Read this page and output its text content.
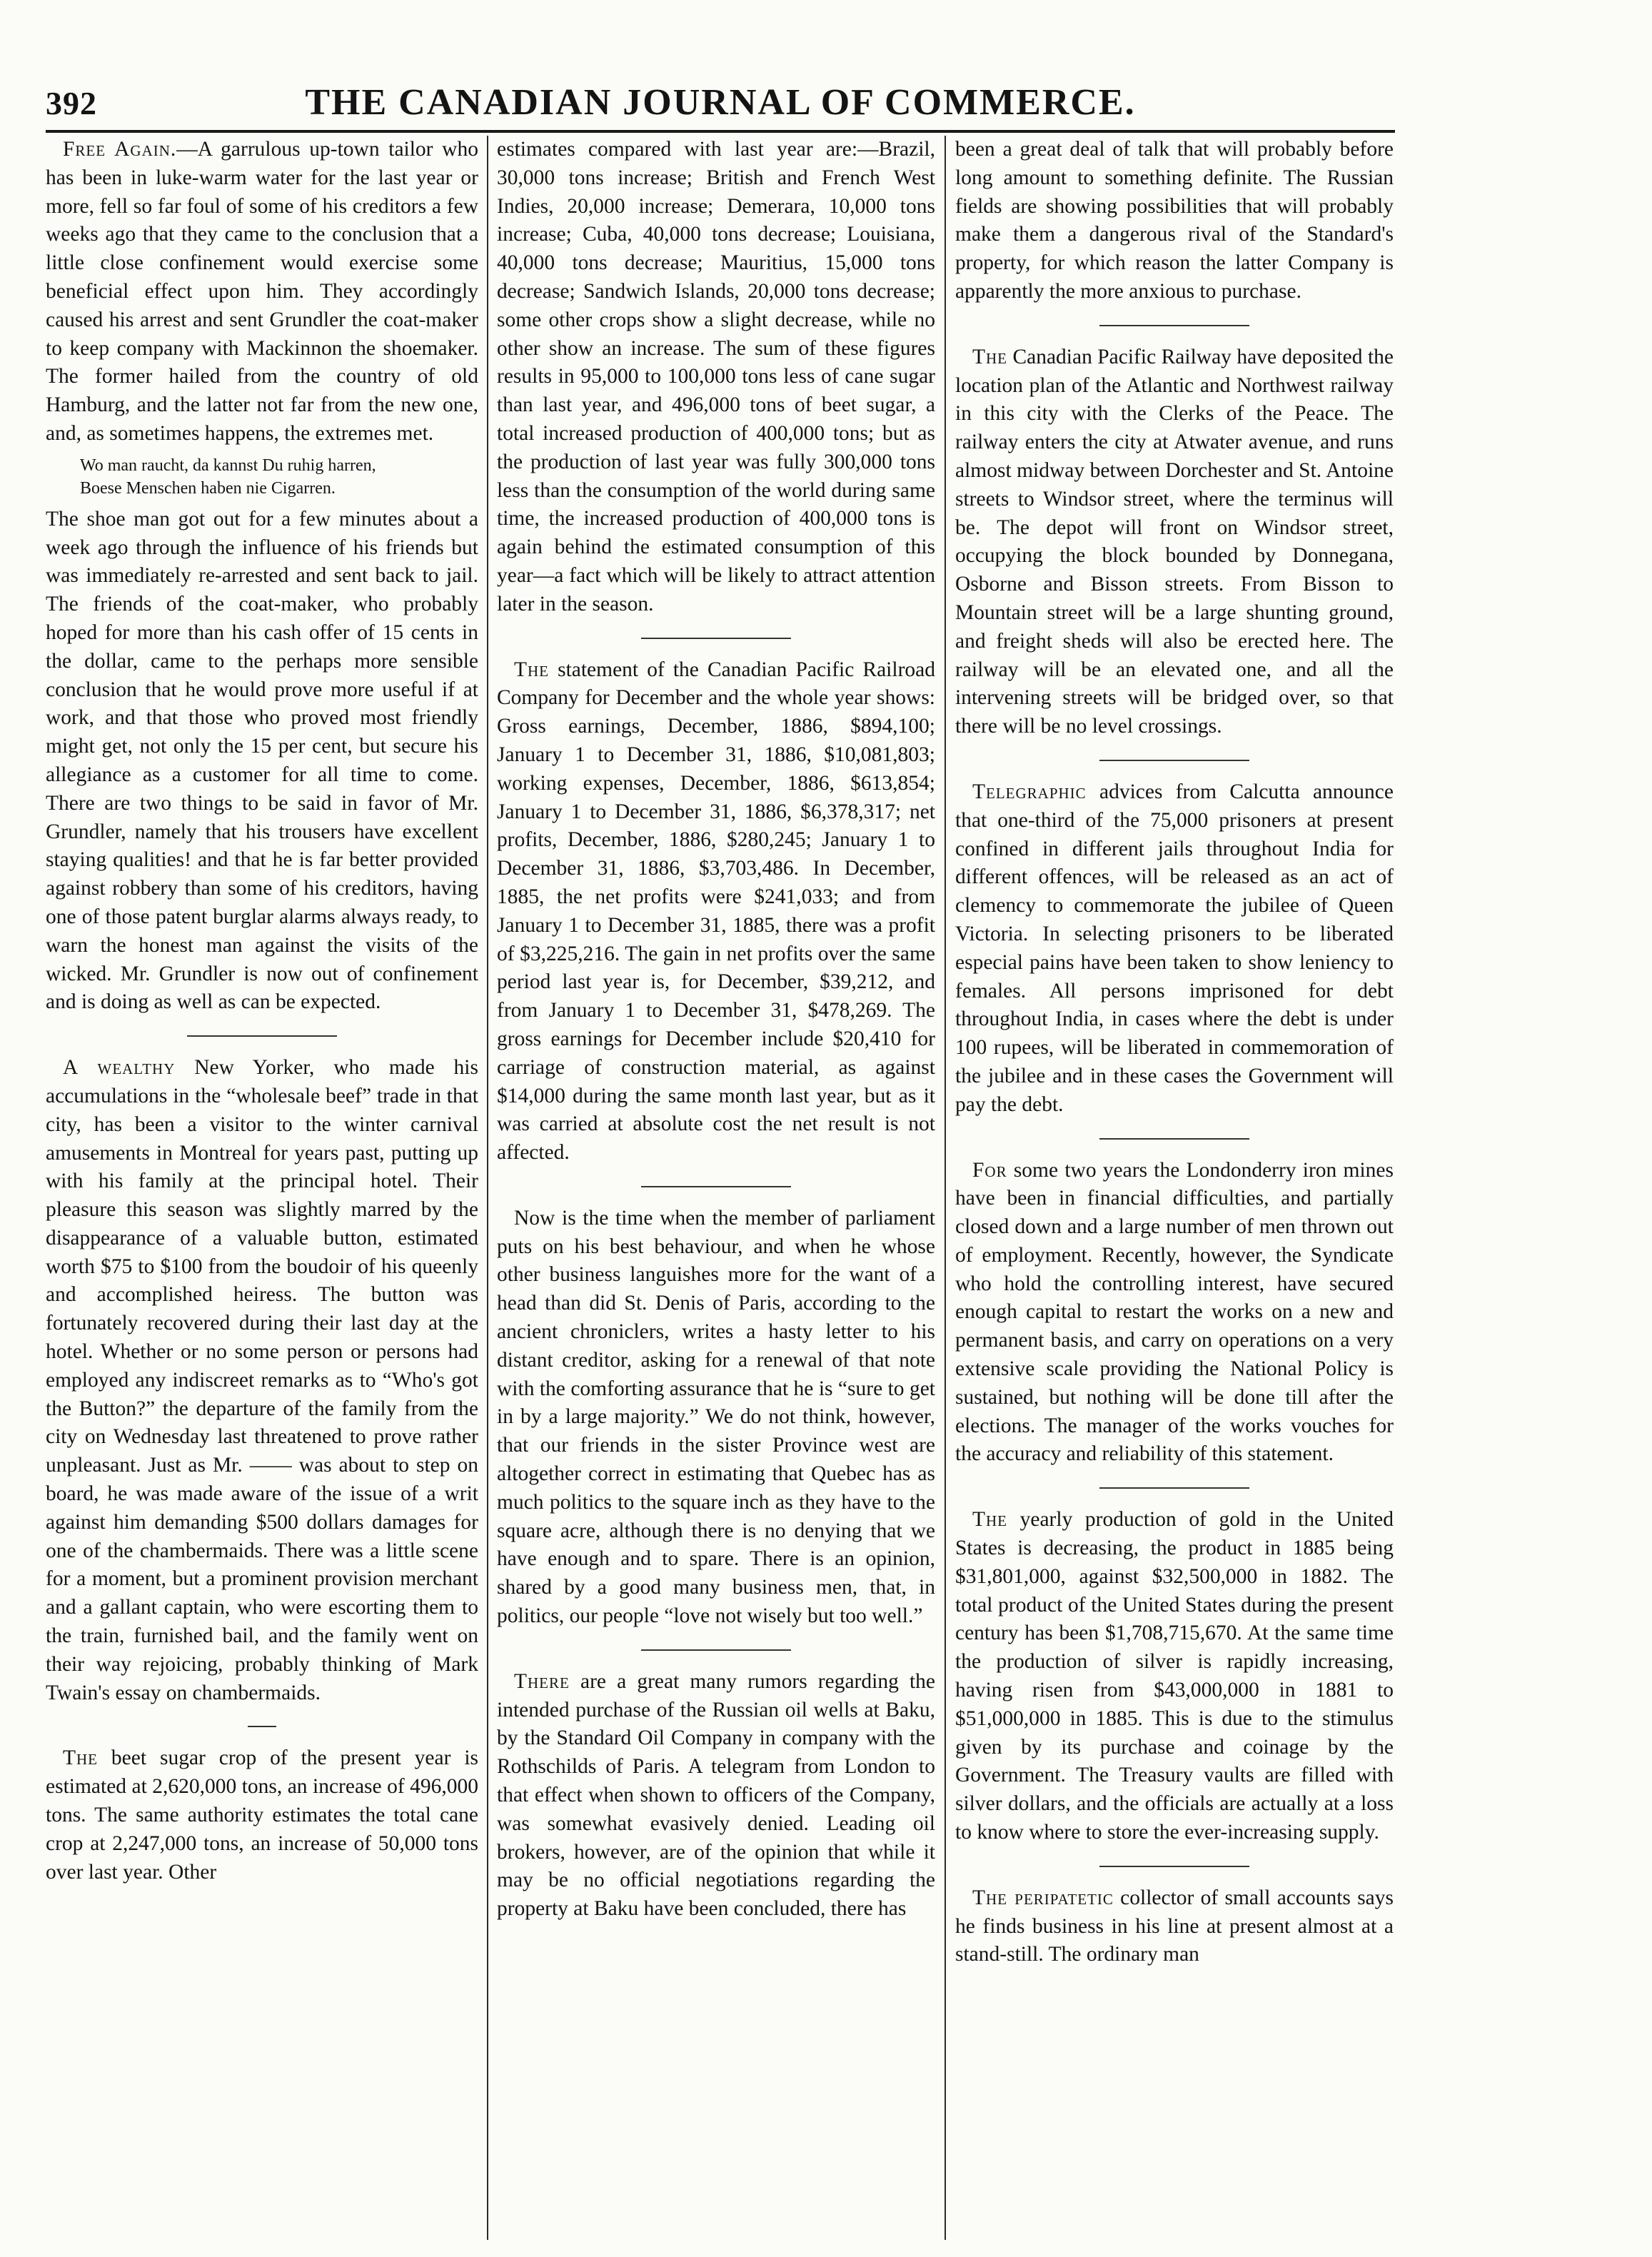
392	THE CANADIAN JOURNAL OF COMMERCE.

Free Again.—A garrulous up-town tailor who has been in luke-warm water for the last year or more, fell so far foul of some of his creditors a few weeks ago that they came to the conclusion that a little close confinement would exercise some beneficial effect upon him. They accordingly caused his arrest and sent Grundler the coat-maker to keep company with Mackinnon the shoemaker. The former hailed from the country of old Hamburg, and the latter not far from the new one, and, as sometimes happens, the extremes met.

Wo man raucht, da kannst Du ruhig harren,
Boese Menschen haben nie Cigarren.

The shoe man got out for a few minutes about a week ago through the influence of his friends but was immediately re-arrested and sent back to jail. The friends of the coat-maker, who probably hoped for more than his cash offer of 15 cents in the dollar, came to the perhaps more sensible conclusion that he would prove more useful if at work, and that those who proved most friendly might get, not only the 15 per cent, but secure his allegiance as a customer for all time to come. There are two things to be said in favor of Mr. Grundler, namely that his trousers have excellent staying qualities! and that he is far better provided against robbery than some of his creditors, having one of those patent burglar alarms always ready, to warn the honest man against the visits of the wicked. Mr. Grundler is now out of confinement and is doing as well as can be expected.

A wealthy New Yorker, who made his accumulations in the “wholesale beef” trade in that city, has been a visitor to the winter carnival amusements in Montreal for years past, putting up with his family at the principal hotel. Their pleasure this season was slightly marred by the disappearance of a valuable button, estimated worth $75 to $100 from the boudoir of his queenly and accomplished heiress. The button was fortunately recovered during their last day at the hotel. Whether or no some person or persons had employed any indiscreet remarks as to “Who's got the Button?” the departure of the family from the city on Wednesday last threatened to prove rather unpleasant. Just as Mr. —— was about to step on board, he was made aware of the issue of a writ against him demanding $500 dollars damages for one of the chambermaids. There was a little scene for a moment, but a prominent provision merchant and a gallant captain, who were escorting them to the train, furnished bail, and the family went on their way rejoicing, probably thinking of Mark Twain's essay on chambermaids.

The beet sugar crop of the present year is estimated at 2,620,000 tons, an increase of 496,000 tons. The same authority estimates the total cane crop at 2,247,000 tons, an increase of 50,000 tons over last year. Other

estimates compared with last year are:—Brazil, 30,000 tons increase; British and French West Indies, 20,000 increase; Demerara, 10,000 tons increase; Cuba, 40,000 tons decrease; Louisiana, 40,000 tons decrease; Mauritius, 15,000 tons decrease; Sandwich Islands, 20,000 tons decrease; some other crops show a slight decrease, while no other show an increase. The sum of these figures results in 95,000 to 100,000 tons less of cane sugar than last year, and 496,000 tons of beet sugar, a total increased production of 400,000 tons; but as the production of last year was fully 300,000 tons less than the consumption of the world during same time, the increased production of 400,000 tons is again behind the estimated consumption of this year—a fact which will be likely to attract attention later in the season.

The statement of the Canadian Pacific Railroad Company for December and the whole year shows: Gross earnings, December, 1886, $894,100; January 1 to December 31, 1886, $10,081,803; working expenses, December, 1886, $613,854; January 1 to December 31, 1886, $6,378,317; net profits, December, 1886, $280,245; January 1 to December 31, 1886, $3,703,486. In December, 1885, the net profits were $241,033; and from January 1 to December 31, 1885, there was a profit of $3,225,216. The gain in net profits over the same period last year is, for December, $39,212, and from January 1 to December 31, $478,269. The gross earnings for December include $20,410 for carriage of construction material, as against $14,000 during the same month last year, but as it was carried at absolute cost the net result is not affected.

Now is the time when the member of parliament puts on his best behaviour, and when he whose other business languishes more for the want of a head than did St. Denis of Paris, according to the ancient chroniclers, writes a hasty letter to his distant creditor, asking for a renewal of that note with the comforting assurance that he is “sure to get in by a large majority.” We do not think, however, that our friends in the sister Province west are altogether correct in estimating that Quebec has as much politics to the square inch as they have to the square acre, although there is no denying that we have enough and to spare. There is an opinion, shared by a good many business men, that, in politics, our people “love not wisely but too well.”

There are a great many rumors regarding the intended purchase of the Russian oil wells at Baku, by the Standard Oil Company in company with the Rothschilds of Paris. A telegram from London to that effect when shown to officers of the Company, was somewhat evasively denied. Leading oil brokers, however, are of the opinion that while it may be no official negotiations regarding the property at Baku have been concluded, there has

been a great deal of talk that will probably before long amount to something definite. The Russian fields are showing possibilities that will probably make them a dangerous rival of the Standard's property, for which reason the latter Company is apparently the more anxious to purchase.

The Canadian Pacific Railway have deposited the location plan of the Atlantic and Northwest railway in this city with the Clerks of the Peace. The railway enters the city at Atwater avenue, and runs almost midway between Dorchester and St. Antoine streets to Windsor street, where the terminus will be. The depot will front on Windsor street, occupying the block bounded by Donnegana, Osborne and Bisson streets. From Bisson to Mountain street will be a large shunting ground, and freight sheds will also be erected here. The railway will be an elevated one, and all the intervening streets will be bridged over, so that there will be no level crossings.

Telegraphic advices from Calcutta announce that one-third of the 75,000 prisoners at present confined in different jails throughout India for different offences, will be released as an act of clemency to commemorate the jubilee of Queen Victoria. In selecting prisoners to be liberated especial pains have been taken to show leniency to females. All persons imprisoned for debt throughout India, in cases where the debt is under 100 rupees, will be liberated in commemoration of the jubilee and in these cases the Government will pay the debt.

For some two years the Londonderry iron mines have been in financial difficulties, and partially closed down and a large number of men thrown out of employment. Recently, however, the Syndicate who hold the controlling interest, have secured enough capital to restart the works on a new and permanent basis, and carry on operations on a very extensive scale providing the National Policy is sustained, but nothing will be done till after the elections. The manager of the works vouches for the accuracy and reliability of this statement.

The yearly production of gold in the United States is decreasing, the product in 1885 being $31,801,000, against $32,500,000 in 1882. The total product of the United States during the present century has been $1,708,715,670. At the same time the production of silver is rapidly increasing, having risen from $43,000,000 in 1881 to $51,000,000 in 1885. This is due to the stimulus given by its purchase and coinage by the Government. The Treasury vaults are filled with silver dollars, and the officials are actually at a loss to know where to store the ever-increasing supply.

The peripatetic collector of small accounts says he finds business in his line at present almost at a stand-still. The ordinary man
